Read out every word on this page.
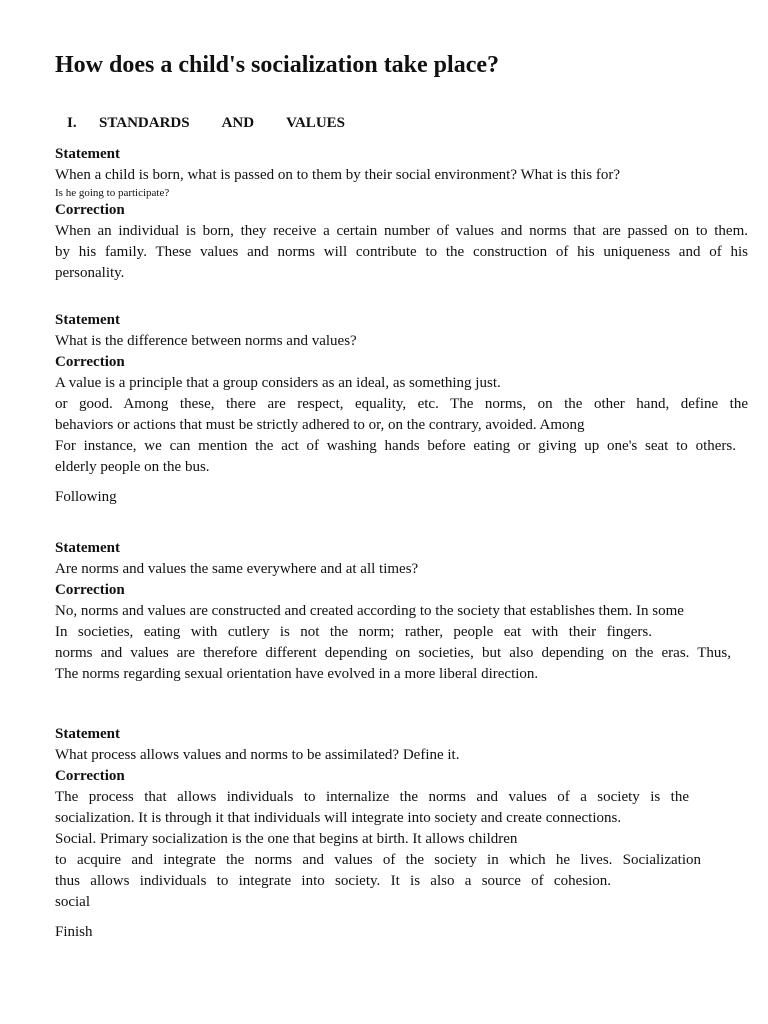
How does a child's socialization take place?
I. STANDARDS AND VALUES
Statement
When a child is born, what is passed on to them by their social environment? What is this for?
Is he going to participate?
Correction
When an individual is born, they receive a certain number of values and norms that are passed on to them.
by his family. These values and norms will contribute to the construction of his uniqueness and of his
personality.
Statement
What is the difference between norms and values?
Correction
A value is a principle that a group considers as an ideal, as something just.
or good. Among these, there are respect, equality, etc. The norms, on the other hand, define the
behaviors or actions that must be strictly adhered to or, on the contrary, avoided. Among
For instance, we can mention the act of washing hands before eating or giving up one's seat to others.
elderly people on the bus.
Following
Statement
Are norms and values the same everywhere and at all times?
Correction
No, norms and values are constructed and created according to the society that establishes them. In some
In societies, eating with cutlery is not the norm; rather, people eat with their fingers.
norms and values are therefore different depending on societies, but also depending on the eras. Thus,
The norms regarding sexual orientation have evolved in a more liberal direction.
Statement
What process allows values and norms to be assimilated? Define it.
Correction
The process that allows individuals to internalize the norms and values of a society is the
socialization. It is through it that individuals will integrate into society and create connections.
Social. Primary socialization is the one that begins at birth. It allows children
to acquire and integrate the norms and values of the society in which he lives. Socialization
thus allows individuals to integrate into society. It is also a source of cohesion.
social
Finish
